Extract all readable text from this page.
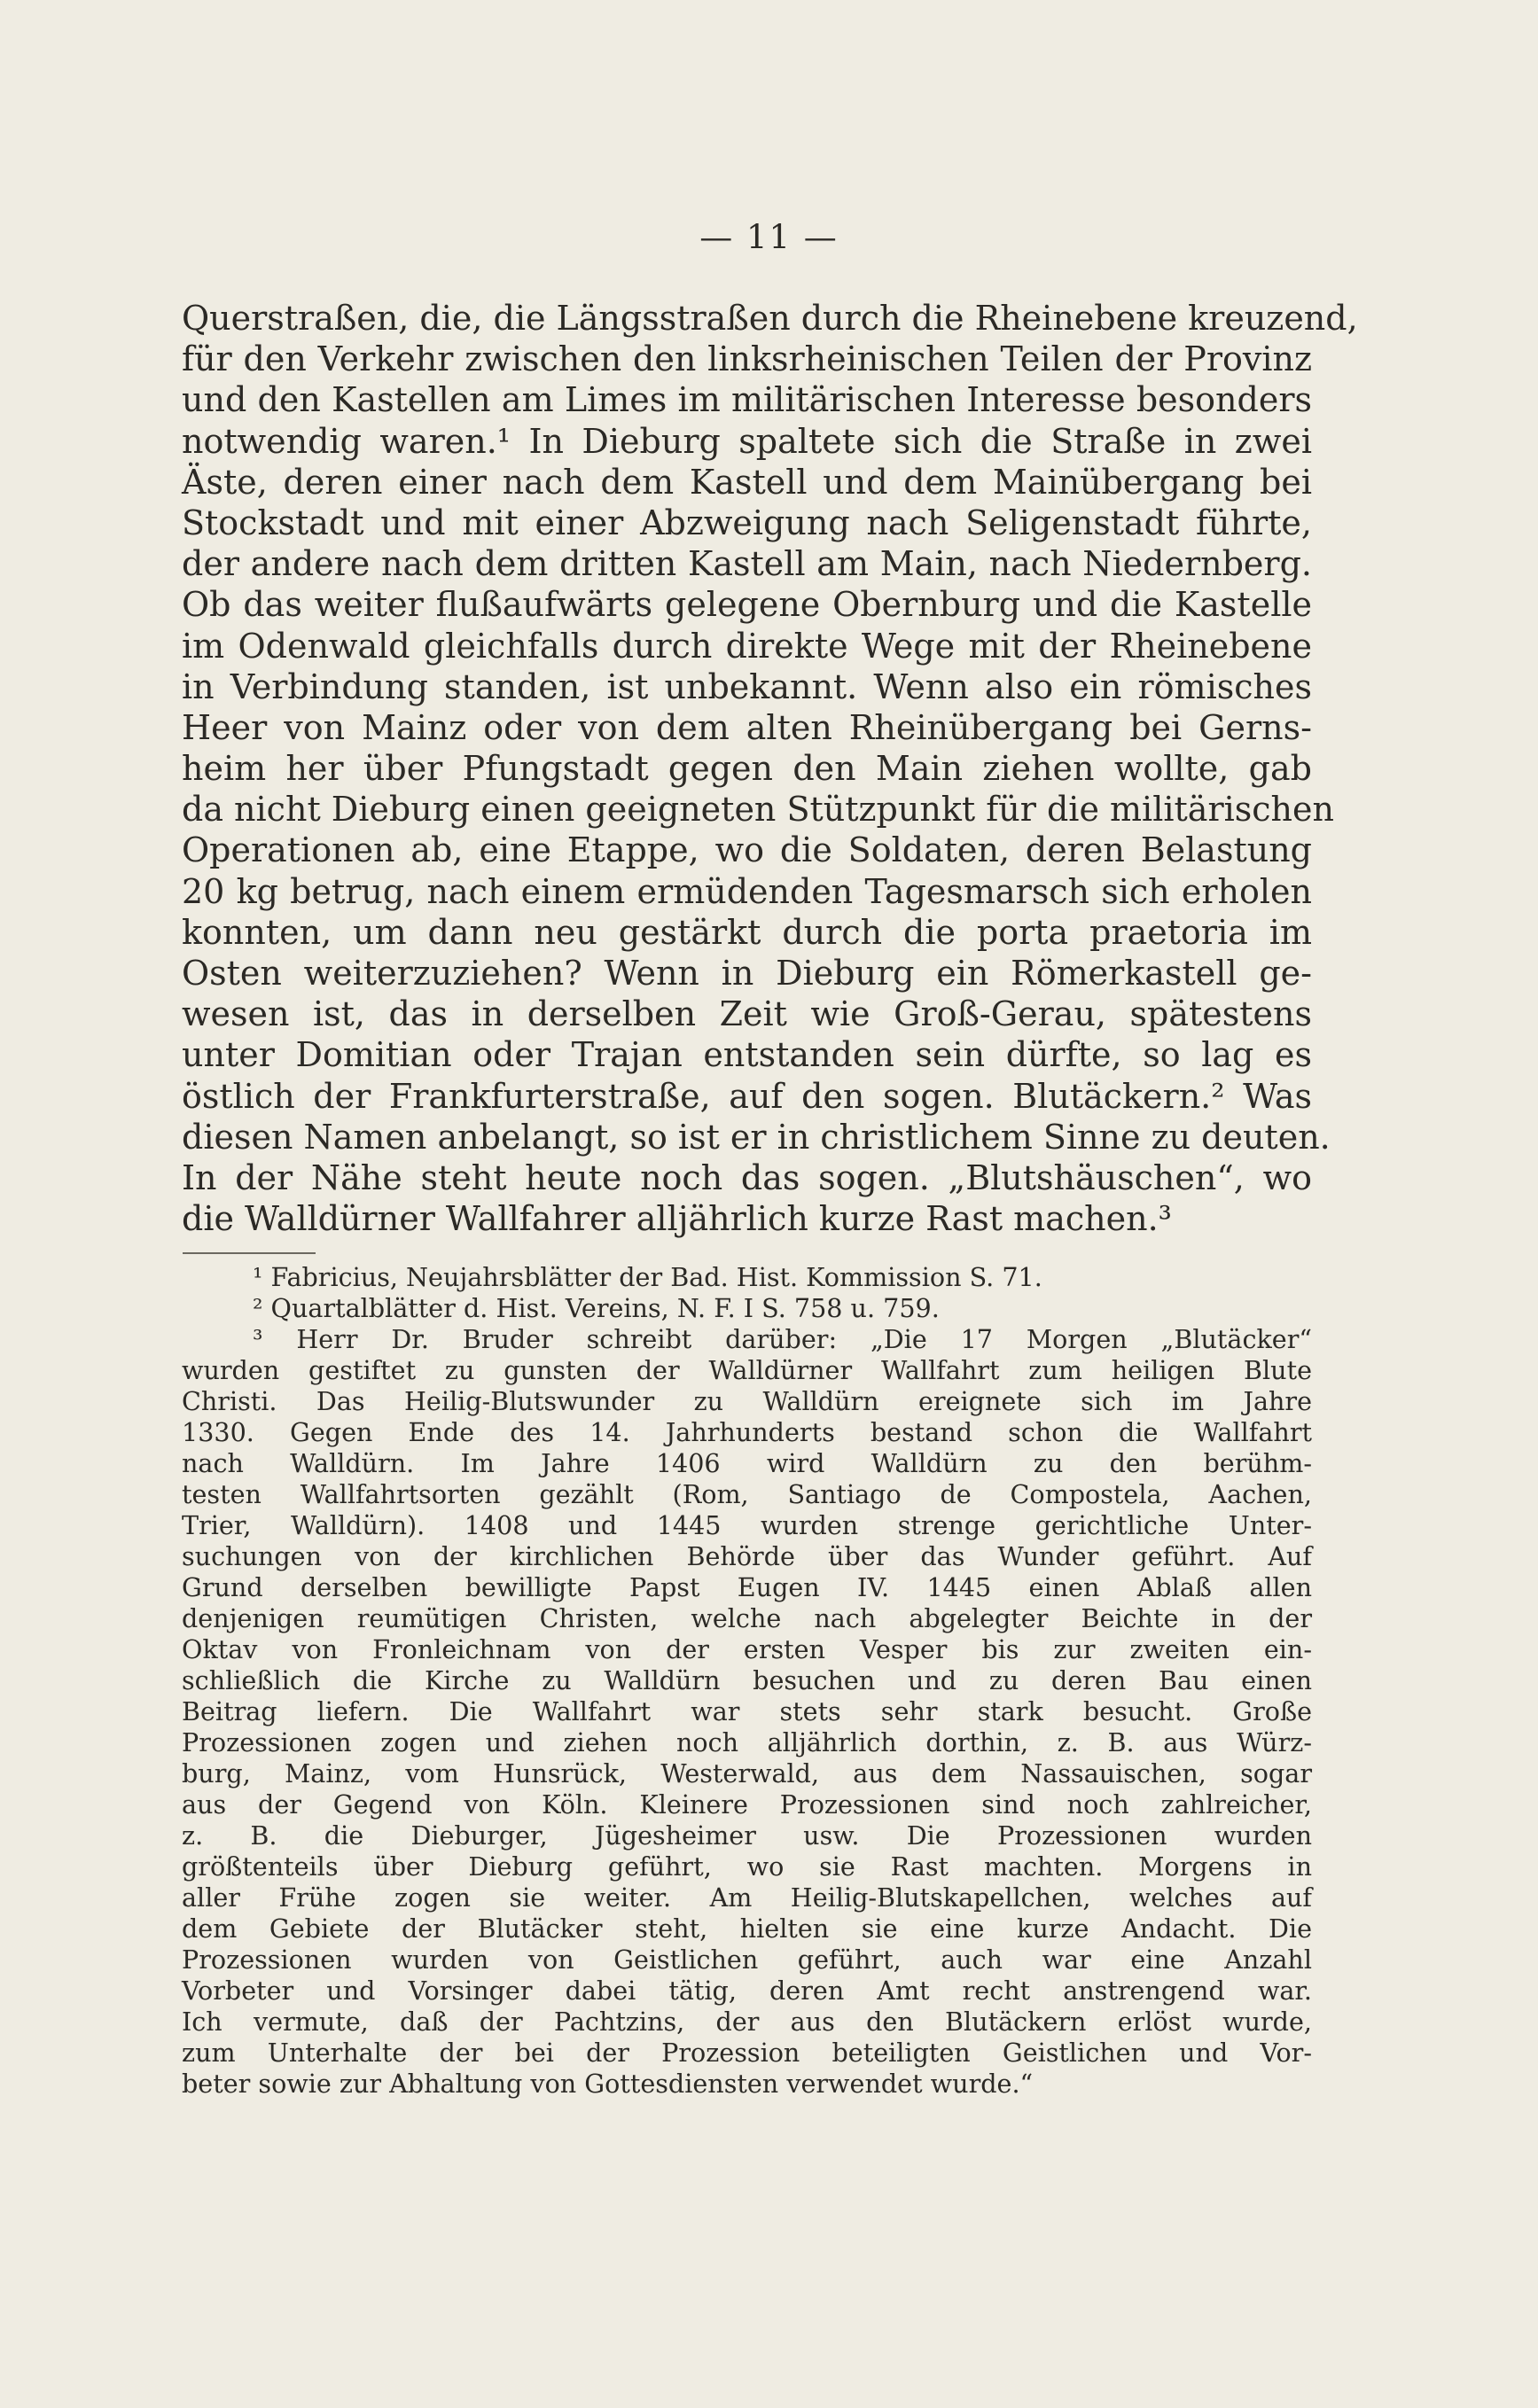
— 11 —
Querstraßen, die, die Längsstraßen durch die Rheinebene kreuzend,
für den Verkehr zwischen den linksrheinischen Teilen der Provinz
und den Kastellen am Limes im militärischen Interesse besonders
notwendig waren.¹ In Dieburg spaltete sich die Straße in zwei
Äste, deren einer nach dem Kastell und dem Mainübergang bei
Stockstadt und mit einer Abzweigung nach Seligenstadt führte,
der andere nach dem dritten Kastell am Main, nach Niedernberg.
Ob das weiter flußaufwärts gelegene Obernburg und die Kastelle
im Odenwald gleichfalls durch direkte Wege mit der Rheinebene
in Verbindung standen, ist unbekannt. Wenn also ein römisches
Heer von Mainz oder von dem alten Rheinübergang bei Gerns-
heim her über Pfungstadt gegen den Main ziehen wollte, gab
da nicht Dieburg einen geeigneten Stützpunkt für die militärischen
Operationen ab, eine Etappe, wo die Soldaten, deren Belastung
20 kg betrug, nach einem ermüdenden Tagesmarsch sich erholen
konnten, um dann neu gestärkt durch die porta praetoria im
Osten weiterzuziehen? Wenn in Dieburg ein Römerkastell ge-
wesen ist, das in derselben Zeit wie Groß-Gerau, spätestens
unter Domitian oder Trajan entstanden sein dürfte, so lag es
östlich der Frankfurterstraße, auf den sogen. Blutäckern.² Was
diesen Namen anbelangt, so ist er in christlichem Sinne zu deuten.
In der Nähe steht heute noch das sogen. „Blutshäuschen“, wo
die Walldürner Wallfahrer alljährlich kurze Rast machen.³
¹ Fabricius, Neujahrsblätter der Bad. Hist. Kommission S. 71.
² Quartalblätter d. Hist. Vereins, N. F. I S. 758 u. 759.
³ Herr Dr. Bruder schreibt darüber: „Die 17 Morgen „Blutäcker“
wurden gestiftet zu gunsten der Walldürner Wallfahrt zum heiligen Blute
Christi. Das Heilig-Blutswunder zu Walldürn ereignete sich im Jahre
1330. Gegen Ende des 14. Jahrhunderts bestand schon die Wallfahrt
nach Walldürn. Im Jahre 1406 wird Walldürn zu den berühm-
testen Wallfahrtsorten gezählt (Rom, Santiago de Compostela, Aachen,
Trier, Walldürn). 1408 und 1445 wurden strenge gerichtliche Unter-
suchungen von der kirchlichen Behörde über das Wunder geführt. Auf
Grund derselben bewilligte Papst Eugen IV. 1445 einen Ablaß allen
denjenigen reumütigen Christen, welche nach abgelegter Beichte in der
Oktav von Fronleichnam von der ersten Vesper bis zur zweiten ein-
schließlich die Kirche zu Walldürn besuchen und zu deren Bau einen
Beitrag liefern. Die Wallfahrt war stets sehr stark besucht. Große
Prozessionen zogen und ziehen noch alljährlich dorthin, z. B. aus Würz-
burg, Mainz, vom Hunsrück, Westerwald, aus dem Nassauischen, sogar
aus der Gegend von Köln. Kleinere Prozessionen sind noch zahlreicher,
z. B. die Dieburger, Jügesheimer usw. Die Prozessionen wurden
größtenteils über Dieburg geführt, wo sie Rast machten. Morgens in
aller Frühe zogen sie weiter. Am Heilig-Blutskapellchen, welches auf
dem Gebiete der Blutäcker steht, hielten sie eine kurze Andacht. Die
Prozessionen wurden von Geistlichen geführt, auch war eine Anzahl
Vorbeter und Vorsinger dabei tätig, deren Amt recht anstrengend war.
Ich vermute, daß der Pachtzins, der aus den Blutäckern erlöst wurde,
zum Unterhalte der bei der Prozession beteiligten Geistlichen und Vor-
beter sowie zur Abhaltung von Gottesdiensten verwendet wurde.“
